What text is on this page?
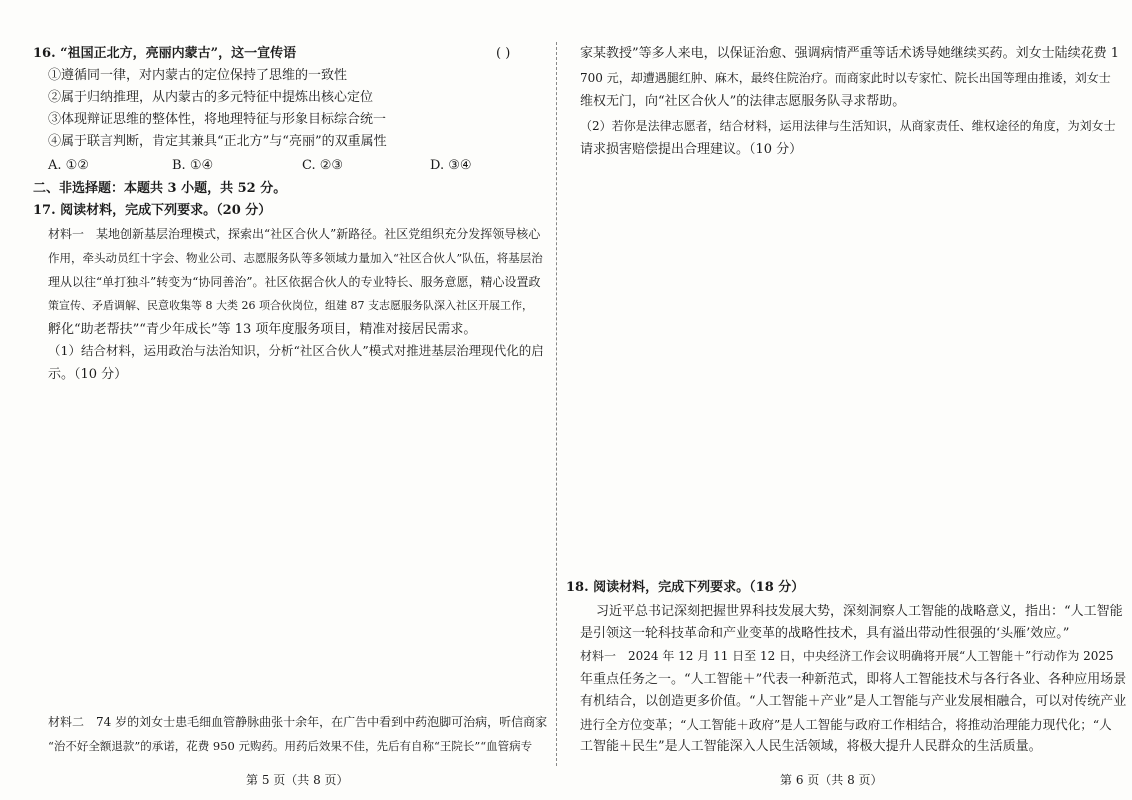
16. “祖国正北方，亮丽内蒙古”，这一宣传语	( )
①遵循同一律，对内蒙古的定位保持了思维的一致性
②属于归纳推理，从内蒙古的多元特征中提炼出核心定位
③体现辩证思维的整体性，将地理特征与形象目标综合统一
④属于联言判断，肯定其兼具“正北方”与“亮丽”的双重属性
A. ①②	B. ①④	C. ②③	D. ③④
二、非选择题：本题共 3 小题，共 52 分。
17. 阅读材料，完成下列要求。（20 分）
材料一　某地创新基层治理模式，探索出“社区合伙人”新路径。社区党组织充分发挥领导核心
作用，牵头动员红十字会、物业公司、志愿服务队等多领域力量加入“社区合伙人”队伍，将基层治
理从以往“单打独斗”转变为“协同善治”。社区依据合伙人的专业特长、服务意愿，精心设置政
策宣传、矛盾调解、民意收集等 8 大类 26 项合伙岗位，组建 87 支志愿服务队深入社区开展工作，
孵化“助老帮扶”“青少年成长”等 13 项年度服务项目，精准对接居民需求。
（1）结合材料，运用政治与法治知识，分析“社区合伙人”模式对推进基层治理现代化的启
示。（10 分）
材料二　74 岁的刘女士患毛细血管静脉曲张十余年，在广告中看到中药泡脚可治病，听信商家
“治不好全额退款”的承诺，花费 950 元购药。用药后效果不佳，先后有自称“王院长”“血管病专
第 5 页（共 8 页）
家某教授”等多人来电，以保证治愈、强调病情严重等话术诱导她继续买药。刘女士陆续花费 1
700 元，却遭遇腿红肿、麻木，最终住院治疗。而商家此时以专家忙、院长出国等理由推诿，刘女士
维权无门，向“社区合伙人”的法律志愿服务队寻求帮助。
（2）若你是法律志愿者，结合材料，运用法律与生活知识，从商家责任、维权途径的角度，为刘女士
请求损害赔偿提出合理建议。（10 分）
18. 阅读材料，完成下列要求。（18 分）
习近平总书记深刻把握世界科技发展大势，深刻洞察人工智能的战略意义，指出：“人工智能
是引领这一轮科技革命和产业变革的战略性技术，具有溢出带动性很强的‘头雁’效应。”
材料一　2024 年 12 月 11 日至 12 日，中央经济工作会议明确将开展“人工智能＋”行动作为 2025
年重点任务之一。“人工智能＋”代表一种新范式，即将人工智能技术与各行各业、各种应用场景
有机结合，以创造更多价值。“人工智能＋产业”是人工智能与产业发展相融合，可以对传统产业
进行全方位变革；“人工智能＋政府”是人工智能与政府工作相结合，将推动治理能力现代化；“人
工智能＋民生”是人工智能深入人民生活领域，将极大提升人民群众的生活质量。
第 6 页（共 8 页）
